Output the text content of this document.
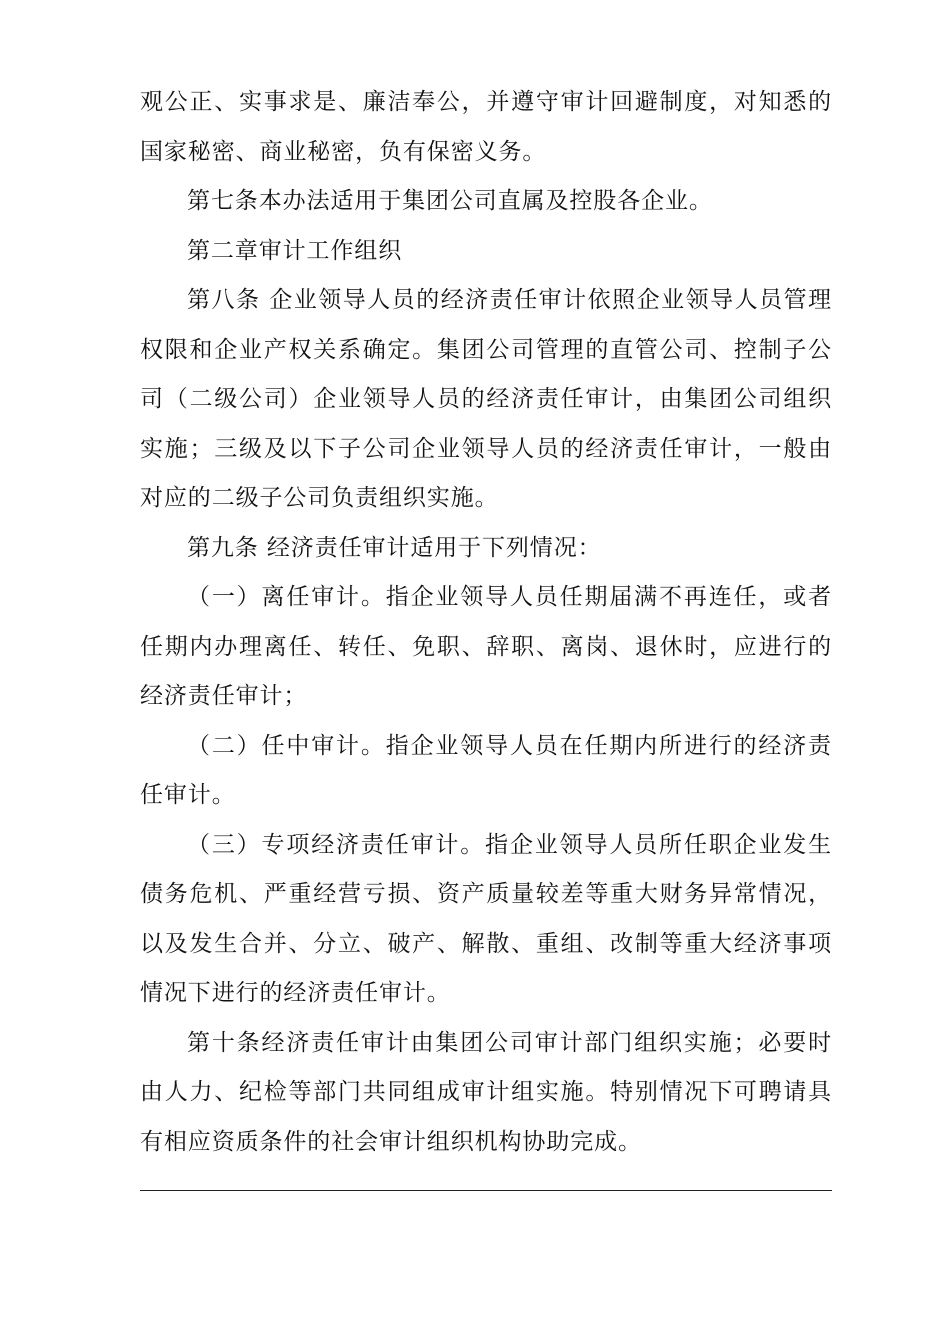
观公正、实事求是、廉洁奉公，并遵守审计回避制度，对知悉的国家秘密、商业秘密，负有保密义务。

第七条本办法适用于集团公司直属及控股各企业。

第二章审计工作组织

第八条 企业领导人员的经济责任审计依照企业领导人员管理权限和企业产权关系确定。集团公司管理的直管公司、控制子公司（二级公司）企业领导人员的经济责任审计，由集团公司组织实施；三级及以下子公司企业领导人员的经济责任审计，一般由对应的二级子公司负责组织实施。

第九条 经济责任审计适用于下列情况：

（一）离任审计。指企业领导人员任期届满不再连任，或者任期内办理离任、转任、免职、辞职、离岗、退休时，应进行的经济责任审计；

（二）任中审计。指企业领导人员在任期内所进行的经济责任审计。

（三）专项经济责任审计。指企业领导人员所任职企业发生债务危机、严重经营亏损、资产质量较差等重大财务异常情况，以及发生合并、分立、破产、解散、重组、改制等重大经济事项情况下进行的经济责任审计。

第十条经济责任审计由集团公司审计部门组织实施；必要时由人力、纪检等部门共同组成审计组实施。特别情况下可聘请具有相应资质条件的社会审计组织机构协助完成。
